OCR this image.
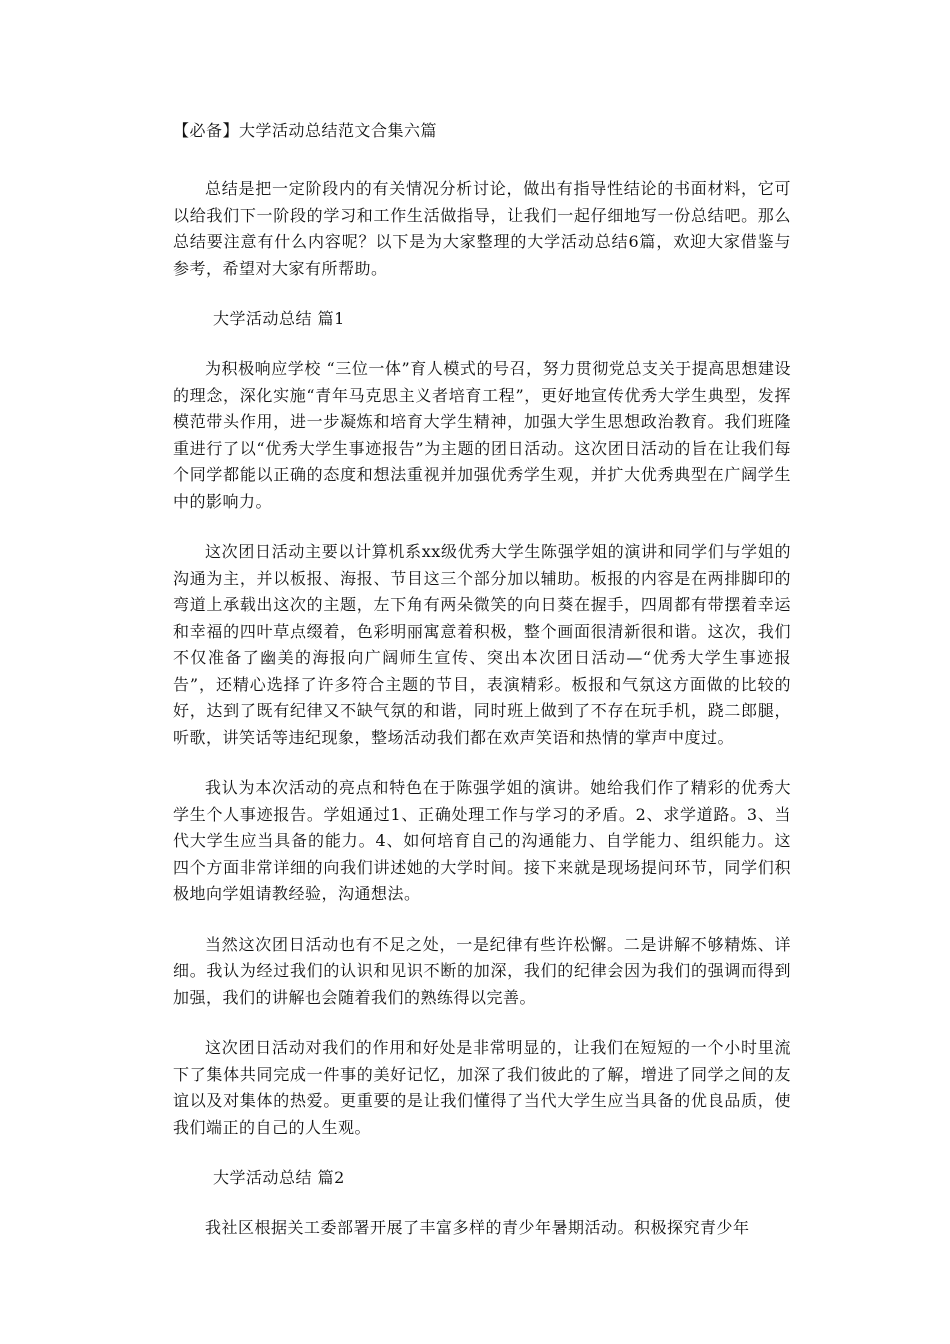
【必备】大学活动总结范文合集六篇

总结是把一定阶段内的有关情况分析讨论，做出有指导性结论的书面材料，它可以给我们下一阶段的学习和工作生活做指导，让我们一起仔细地写一份总结吧。那么总结要注意有什么内容呢？以下是为大家整理的大学活动总结6篇，欢迎大家借鉴与参考，希望对大家有所帮助。

大学活动总结 篇1

为积极响应学校 “三位一体”育人模式的号召，努力贯彻党总支关于提高思想建设的理念，深化实施“青年马克思主义者培育工程”，更好地宣传优秀大学生典型，发挥模范带头作用，进一步凝炼和培育大学生精神，加强大学生思想政治教育。我们班隆重进行了以“优秀大学生事迹报告”为主题的团日活动。这次团日活动的旨在让我们每个同学都能以正确的态度和想法重视并加强优秀学生观，并扩大优秀典型在广阔学生中的影响力。

这次团日活动主要以计算机系xx级优秀大学生陈强学姐的演讲和同学们与学姐的沟通为主，并以板报、海报、节目这三个部分加以辅助。板报的内容是在两排脚印的弯道上承载出这次的主题，左下角有两朵微笑的向日葵在握手，四周都有带摆着幸运和幸福的四叶草点缀着，色彩明丽寓意着积极，整个画面很清新很和谐。这次，我们不仅准备了幽美的海报向广阔师生宣传、突出本次团日活动—“优秀大学生事迹报告”，还精心选择了许多符合主题的节目，表演精彩。板报和气氛这方面做的比较的好，达到了既有纪律又不缺气氛的和谐，同时班上做到了不存在玩手机，跷二郎腿，听歌，讲笑话等违纪现象，整场活动我们都在欢声笑语和热情的掌声中度过。

我认为本次活动的亮点和特色在于陈强学姐的演讲。她给我们作了精彩的优秀大学生个人事迹报告。学姐通过1、正确处理工作与学习的矛盾。2、求学道路。3、当代大学生应当具备的能力。4、如何培育自己的沟通能力、自学能力、组织能力。这四个方面非常详细的向我们讲述她的大学时间。接下来就是现场提问环节，同学们积极地向学姐请教经验，沟通想法。

当然这次团日活动也有不足之处，一是纪律有些许松懈。二是讲解不够精炼、详细。我认为经过我们的认识和见识不断的加深，我们的纪律会因为我们的强调而得到加强，我们的讲解也会随着我们的熟练得以完善。

这次团日活动对我们的作用和好处是非常明显的，让我们在短短的一个小时里流下了集体共同完成一件事的美好记忆，加深了我们彼此的了解，增进了同学之间的友谊以及对集体的热爱。更重要的是让我们懂得了当代大学生应当具备的优良品质，使我们端正的自己的人生观。

大学活动总结 篇2

我社区根据关工委部署开展了丰富多样的青少年暑期活动。积极探究青少年
